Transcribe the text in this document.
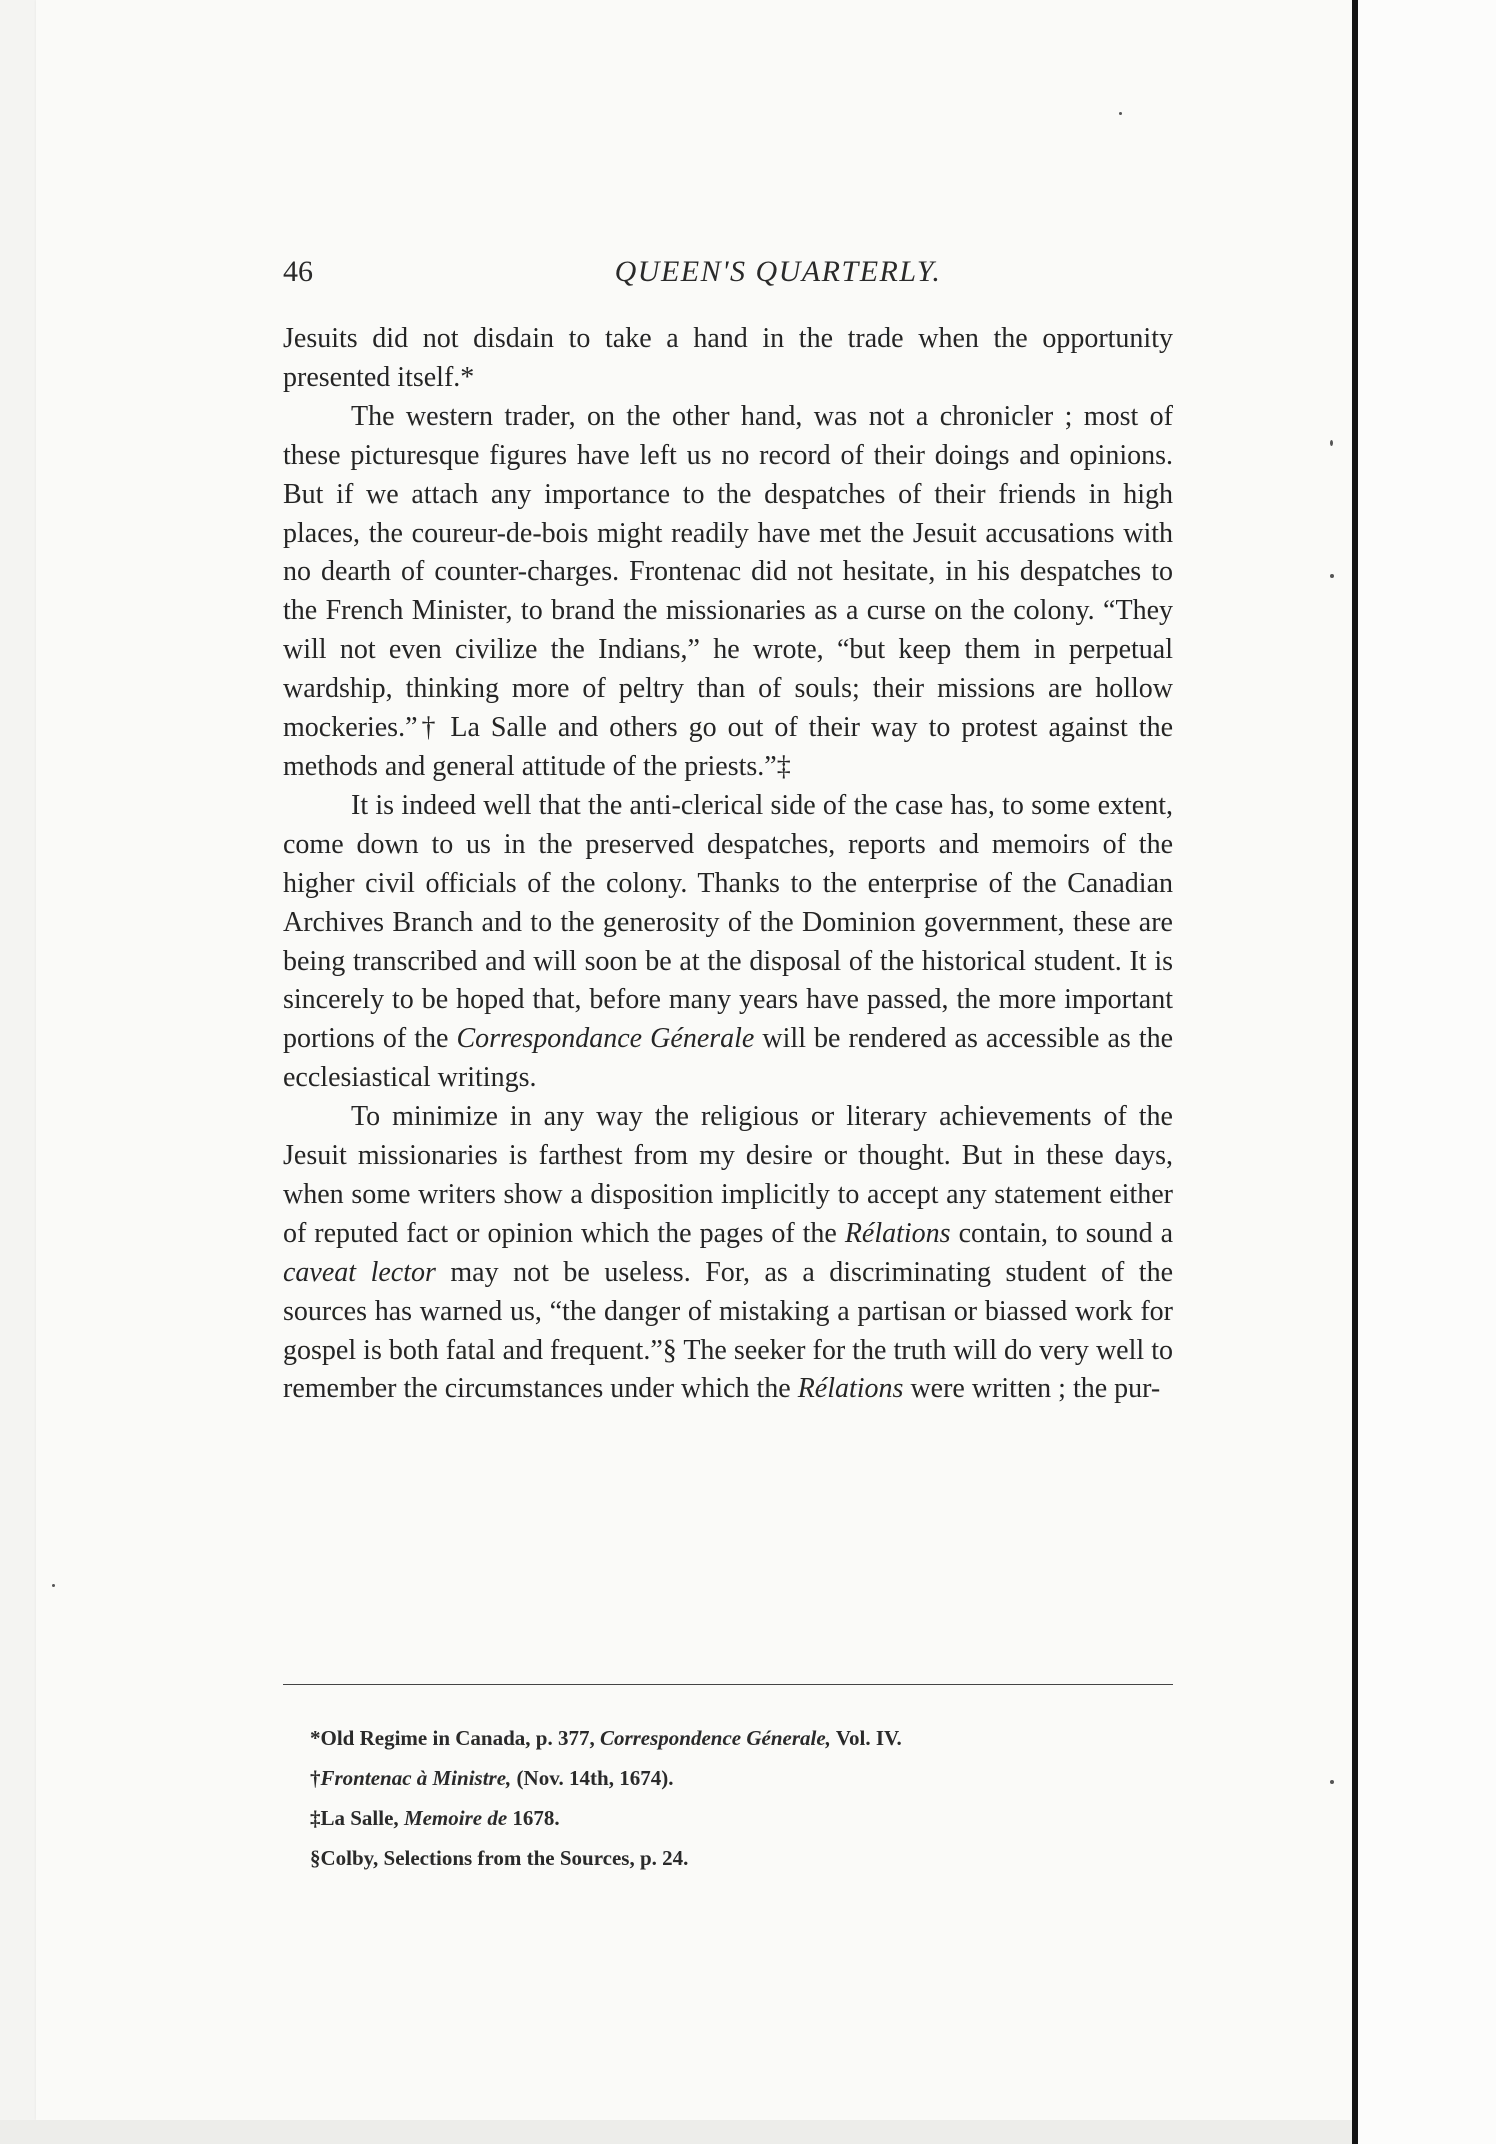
46	QUEEN'S QUARTERLY.

Jesuits did not disdain to take a hand in the trade when the opportunity presented itself.*

The western trader, on the other hand, was not a chronicler ; most of these picturesque figures have left us no record of their doings and opinions. But if we attach any importance to the despatches of their friends in high places, the coureur-de-bois might readily have met the Jesuit accusations with no dearth of counter-charges. Frontenac did not hesitate, in his despatches to the French Minister, to brand the missionaries as a curse on the colony. “They will not even civilize the Indians,” he wrote, “but keep them in perpetual wardship, thinking more of peltry than of souls; their missions are hollow mockeries.”† La Salle and others go out of their way to protest against the methods and general attitude of the priests.”‡

It is indeed well that the anti-clerical side of the case has, to some extent, come down to us in the preserved despatches, reports and memoirs of the higher civil officials of the colony. Thanks to the enterprise of the Canadian Archives Branch and to the generosity of the Dominion government, these are being transcribed and will soon be at the disposal of the historical student. It is sincerely to be hoped that, before many years have passed, the more important portions of the Correspondance Génerale will be rendered as accessible as the ecclesiastical writings.

To minimize in any way the religious or literary achievements of the Jesuit missionaries is farthest from my desire or thought. But in these days, when some writers show a disposition implicitly to accept any statement either of reputed fact or opinion which the pages of the Rélations contain, to sound a caveat lector may not be useless. For, as a discriminating student of the sources has warned us, “the danger of mistaking a partisan or biassed work for gospel is both fatal and frequent.”§ The seeker for the truth will do very well to remember the circumstances under which the Rélations were written ; the pur-

*Old Regime in Canada, p. 377, Correspondence Génerale, Vol. IV.

†Frontenac à Ministre, (Nov. 14th, 1674).

‡La Salle, Memoire de 1678.

§Colby, Selections from the Sources, p. 24.
